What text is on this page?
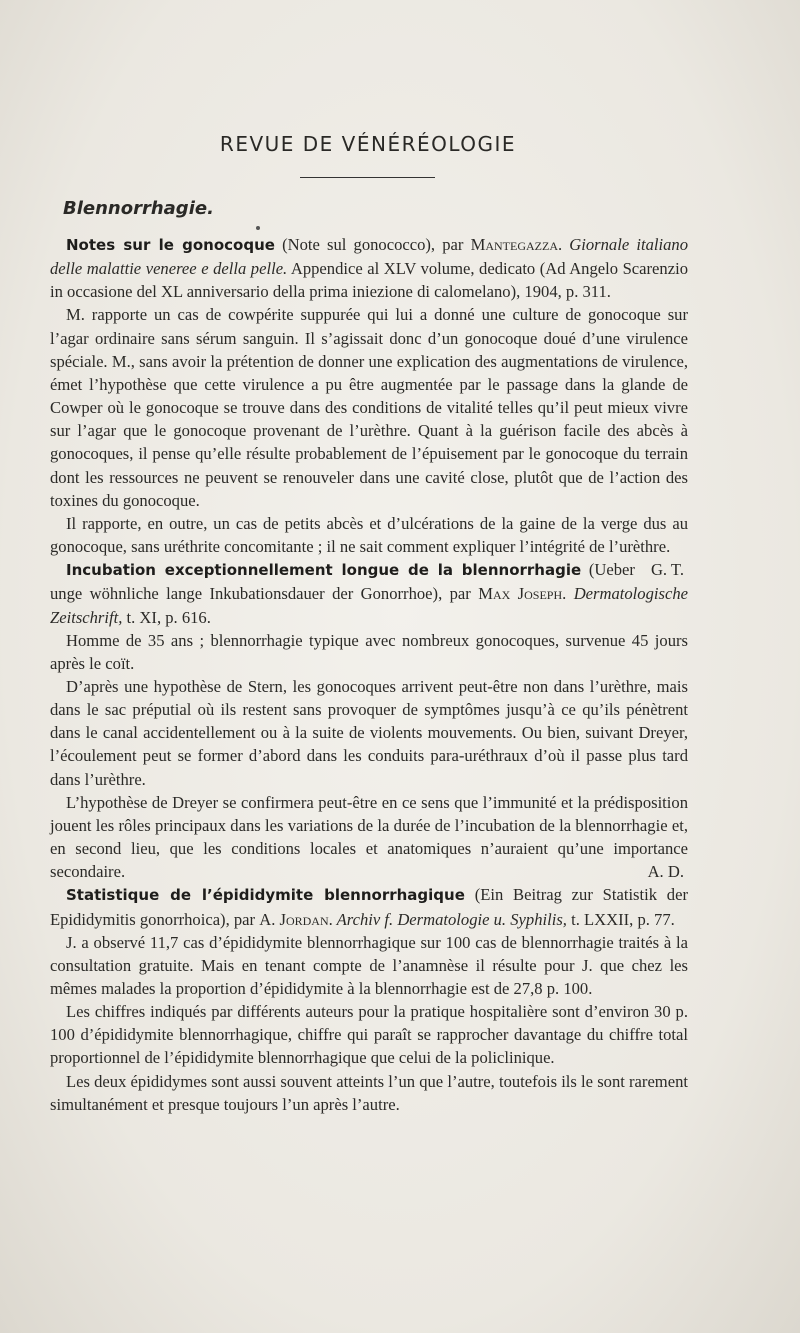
REVUE DE VÉNÉRÉOLOGIE
Blennorrhagie.

Notes sur le gonocoque (Note sul gonococco), par Mantegazza. Giornale italiano delle malattie veneree e della pelle. Appendice al XLV volume, dedicato (Ad Angelo Scarenzio in occasione del XL anniversario della prima iniezione di calomelano), 1904, p. 311.

M. rapporte un cas de cowpérite suppurée qui lui a donné une culture de gonocoque sur l’agar ordinaire sans sérum sanguin. Il s’agissait donc d’un gonocoque doué d’une virulence spéciale. M., sans avoir la prétention de donner une explication des augmentations de virulence, émet l’hypothèse que cette virulence a pu être augmentée par le passage dans la glande de Cowper où le gonocoque se trouve dans des conditions de vitalité telles qu’il peut mieux vivre sur l’agar que le gonocoque provenant de l’urèthre. Quant à la guérison facile des abcès à gonocoques, il pense qu’elle résulte probablement de l’épuisement par le gonocoque du terrain dont les ressources ne peuvent se renouveler dans une cavité close, plutôt que de l’action des toxines du gonocoque.

Il rapporte, en outre, un cas de petits abcès et d’ulcérations de la gaine de la verge dus au gonocoque, sans uréthrite concomitante ; il ne sait comment expliquer l’intégrité de l’urèthre.
G. T.

Incubation exceptionnellement longue de la blennorrhagie (Ueber unge wöhnliche lange Inkubationsdauer der Gonorrhoe), par Max Joseph. Dermatologische Zeitschrift, t. XI, p. 616.

Homme de 35 ans ; blennorrhagie typique avec nombreux gonocoques, survenue 45 jours après le coït.

D’après une hypothèse de Stern, les gonocoques arrivent peut-être non dans l’urèthre, mais dans le sac préputial où ils restent sans provoquer de symptômes jusqu’à ce qu’ils pénètrent dans le canal accidentellement ou à la suite de violents mouvements. Ou bien, suivant Dreyer, l’écoulement peut se former d’abord dans les conduits para-uréthraux d’où il passe plus tard dans l’urèthre.

L’hypothèse de Dreyer se confirmera peut-être en ce sens que l’immunité et la prédisposition jouent les rôles principaux dans les variations de la durée de l’incubation de la blennorrhagie et, en second lieu, que les conditions locales et anatomiques n’auraient qu’une importance secondaire.	A. D.

Statistique de l’épididymite blennorrhagique (Ein Beitrag zur Statistik der Epididymitis gonorrhoica), par A. Jordan. Archiv f. Dermatologie u. Syphilis, t. LXXII, p. 77.

J. a observé 11,7 cas d’épididymite blennorrhagique sur 100 cas de blennorrhagie traités à la consultation gratuite. Mais en tenant compte de l’anamnèse il résulte pour J. que chez les mêmes malades la proportion d’épididymite à la blennorrhagie est de 27,8 p. 100.

Les chiffres indiqués par différents auteurs pour la pratique hospitalière sont d’environ 30 p. 100 d’épididymite blennorrhagique, chiffre qui paraît se rapprocher davantage du chiffre total proportionnel de l’épididymite blennorrhagique que celui de la policlinique.

Les deux épididymes sont aussi souvent atteints l’un que l’autre, toutefois ils le sont rarement simultanément et presque toujours l’un après l’autre.
